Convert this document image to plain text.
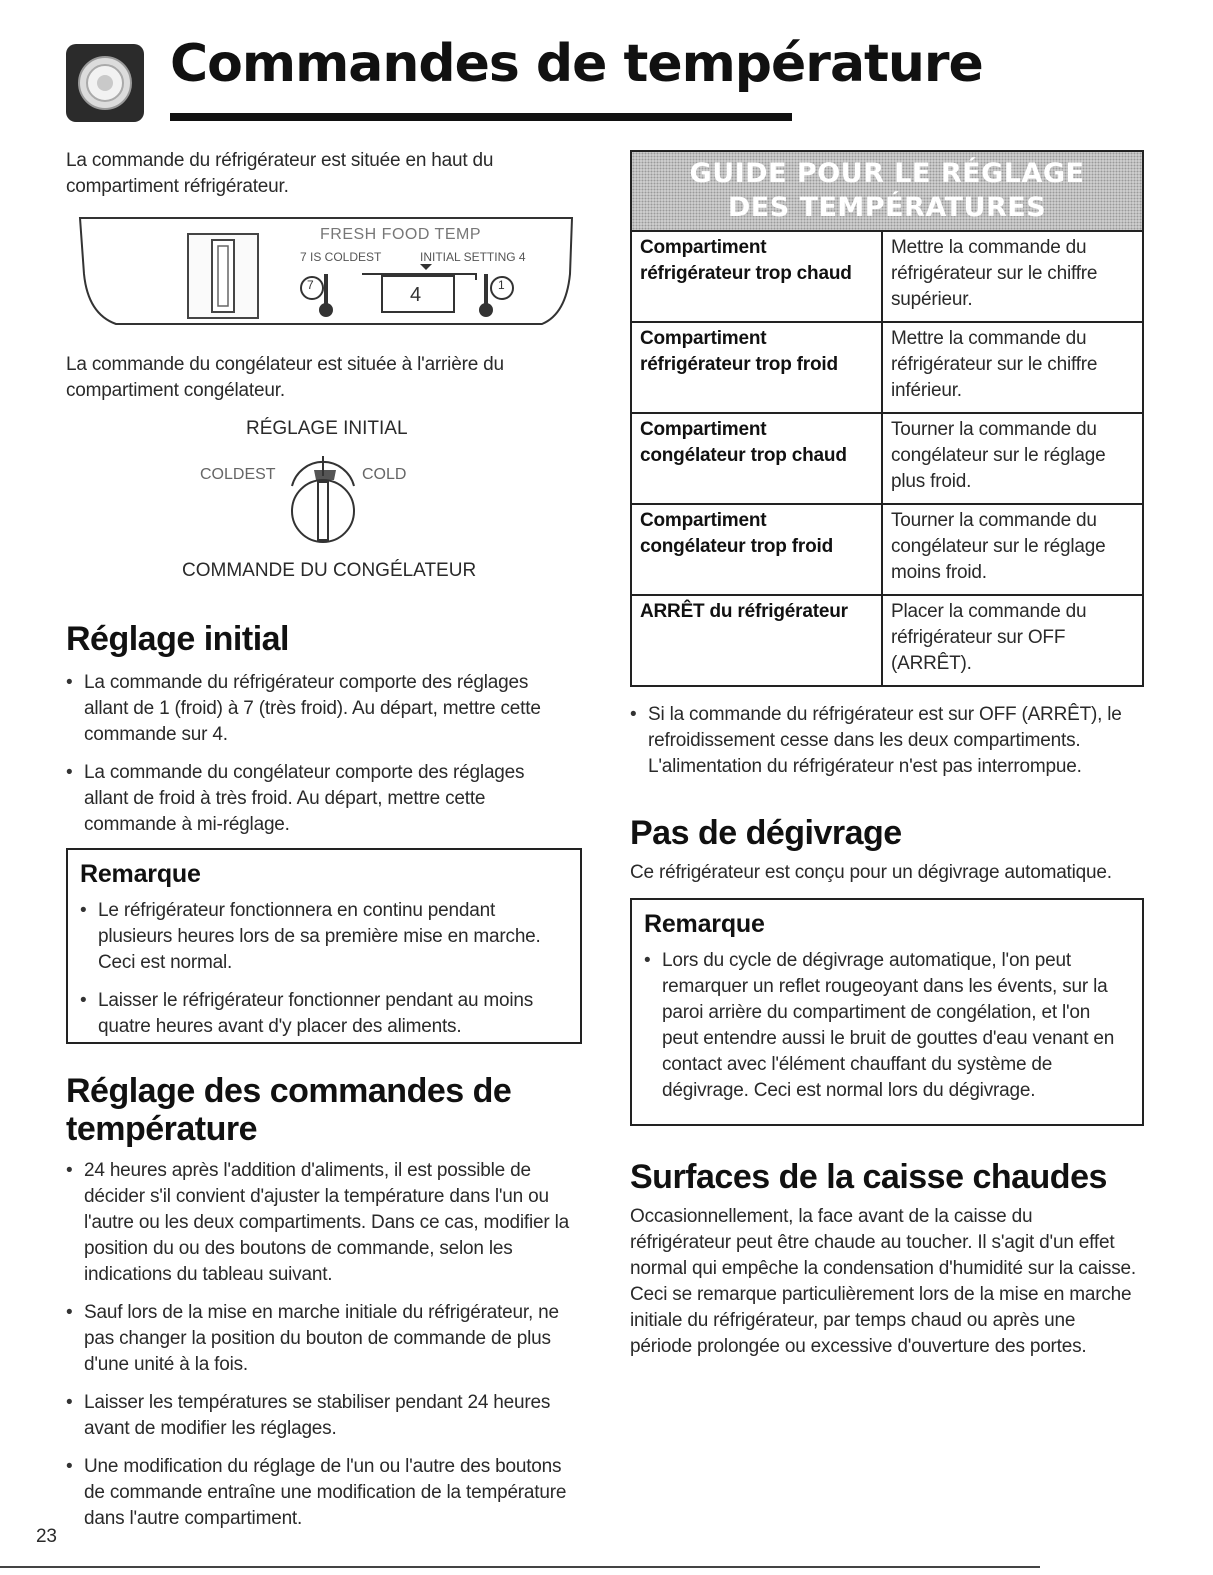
Commandes de température
La commande du réfrigérateur est située en haut du compartiment réfrigérateur.
FRESH FOOD TEMP
7 IS COLDEST	INITIAL SETTING 4
4
7	1
La commande du congélateur est située à l'arrière du compartiment congélateur.
RÉGLAGE INITIAL
COLDEST	COLD
COMMANDE DU CONGÉLATEUR
Réglage initial
• La commande du réfrigérateur comporte des réglages allant de 1 (froid) à 7 (très froid). Au départ, mettre cette commande sur 4.
• La commande du congélateur comporte des réglages allant de froid à très froid. Au départ, mettre cette commande à mi-réglage.
Remarque
• Le réfrigérateur fonctionnera en continu pendant plusieurs heures lors de sa première mise en marche. Ceci est normal.
• Laisser le réfrigérateur fonctionner pendant au moins quatre heures avant d'y placer des aliments.
Réglage des commandes de
température
• 24 heures après l'addition d'aliments, il est possible de décider s'il convient d'ajuster la température dans l'un ou l'autre ou les deux compartiments. Dans ce cas, modifier la position du ou des boutons de commande, selon les indications du tableau suivant.
• Sauf lors de la mise en marche initiale du réfrigérateur, ne pas changer la position du bouton de commande de plus d'une unité à la fois.
• Laisser les températures se stabiliser pendant 24 heures avant de modifier les réglages.
• Une modification du réglage de l'un ou l'autre des boutons de commande entraîne une modification de la température dans l'autre compartiment.
23
GUIDE POUR LE RÉGLAGE
DES TEMPÉRATURES
Compartiment réfrigérateur trop chaud	Mettre la commande du réfrigérateur sur le chiffre supérieur.
Compartiment réfrigérateur trop froid	Mettre la commande du réfrigérateur sur le chiffre inférieur.
Compartiment congélateur trop chaud	Tourner la commande du congélateur sur le réglage plus froid.
Compartiment congélateur trop froid	Tourner la commande du congélateur sur le réglage moins froid.
ARRÊT du réfrigérateur	Placer la commande du réfrigérateur sur OFF (ARRÊT).
• Si la commande du réfrigérateur est sur OFF (ARRÊT), le refroidissement cesse dans les deux compartiments. L'alimentation du réfrigérateur n'est pas interrompue.
Pas de dégivrage
Ce réfrigérateur est conçu pour un dégivrage automatique.
Remarque
• Lors du cycle de dégivrage automatique, l'on peut remarquer un reflet rougeoyant dans les évents, sur la paroi arrière du compartiment de congélation, et l'on peut entendre aussi le bruit de gouttes d'eau venant en contact avec l'élément chauffant du système de dégivrage. Ceci est normal lors du dégivrage.
Surfaces de la caisse chaudes
Occasionnellement, la face avant de la caisse du réfrigérateur peut être chaude au toucher. Il s'agit d'un effet normal qui empêche la condensation d'humidité sur la caisse. Ceci se remarque particulièrement lors de la mise en marche initiale du réfrigérateur, par temps chaud ou après une période prolongée ou excessive d'ouverture des portes.
